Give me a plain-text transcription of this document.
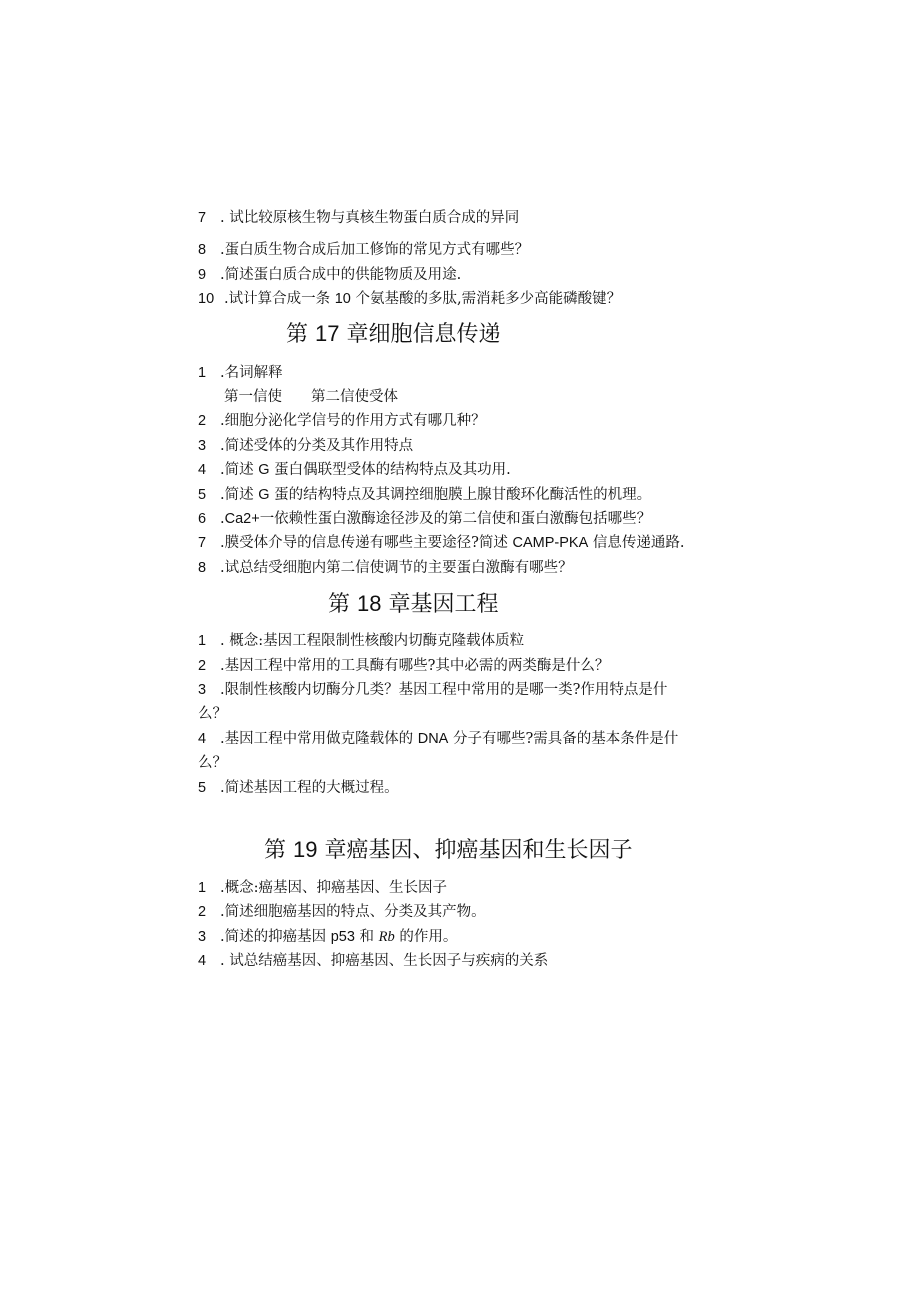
7 . 试比较原核生物与真核生物蛋白质合成的异同
8 .蛋白质生物合成后加工修饰的常见方式有哪些？
9 .简述蛋白质合成中的供能物质及用途.
10 .试计算合成一条 10 个氨基酸的多肽,需消耗多少高能磷酸键？
第 17 章细胞信息传递
1 .名词解释
第一信使　　第二信使受体
2 .细胞分泌化学信号的作用方式有哪几种？
3 .简述受体的分类及其作用特点
4 .简述 G 蛋白偶联型受体的结构特点及其功用.
5 .简述 G 蛋的结构特点及其调控细胞膜上腺甘酸环化酶活性的机理。
6 .Ca2+一依赖性蛋白激酶途径涉及的第二信使和蛋白激酶包括哪些？
7 .膜受体介导的信息传递有哪些主要途径?简述 CAMP-PKA 信息传递通路.
8 .试总结受细胞内第二信使调节的主要蛋白激酶有哪些？
第 18 章基因工程
1 . 概念:基因工程限制性核酸内切酶克隆载体质粒
2 .基因工程中常用的工具酶有哪些?其中必需的两类酶是什么？
3 .限制性核酸内切酶分几类？基因工程中常用的是哪一类?作用特点是什
么？
4 .基因工程中常用做克隆载体的 DNA 分子有哪些?需具备的基本条件是什
么？
5 .简述基因工程的大概过程。
第 19 章癌基因、抑癌基因和生长因子
1 .概念:癌基因、抑癌基因、生长因子
2 .简述细胞癌基因的特点、分类及其产物。
3 .简述的抑癌基因 p53 和 Rb 的作用。
4 . 试总结癌基因、抑癌基因、生长因子与疾病的关系
